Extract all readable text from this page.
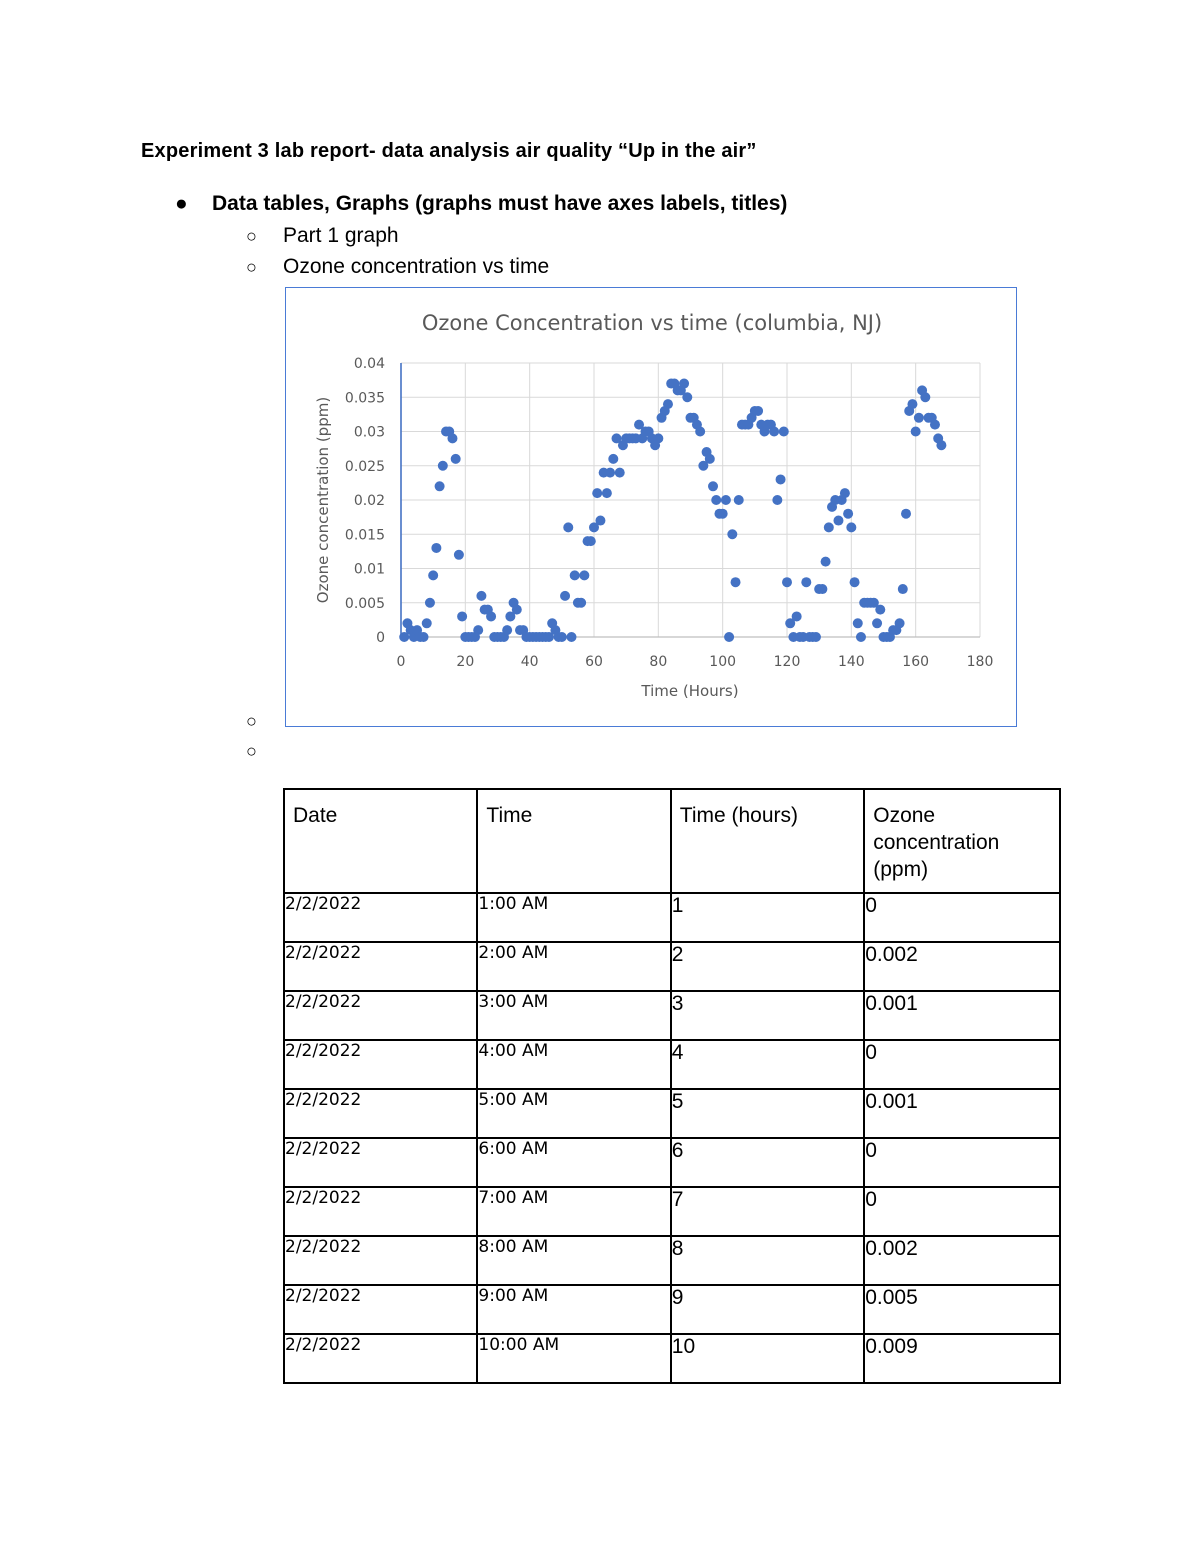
Experiment 3 lab report- data analysis air quality “Up in the air”

● Data tables, Graphs (graphs must have axes labels, titles)

○ Part 1 graph

○ Ozone concentration vs time

Ozone Concentration vs time (columbia, NJ)
0
0.005
0.01
0.015
0.02
0.025
0.03
0.035
0.04
0	20	40	60	80	100	120	140	160	180
Time (Hours)
Ozone concentration (ppm)
○
○
Date	Time	Time (hours)	Ozone concentration (ppm)
2/2/2022	1:00 AM	1	0
2/2/2022	2:00 AM	2	0.002
2/2/2022	3:00 AM	3	0.001
2/2/2022	4:00 AM	4	0
2/2/2022	5:00 AM	5	0.001
2/2/2022	6:00 AM	6	0
2/2/2022	7:00 AM	7	0
2/2/2022	8:00 AM	8	0.002
2/2/2022	9:00 AM	9	0.005
2/2/2022	10:00 AM	10	0.009
